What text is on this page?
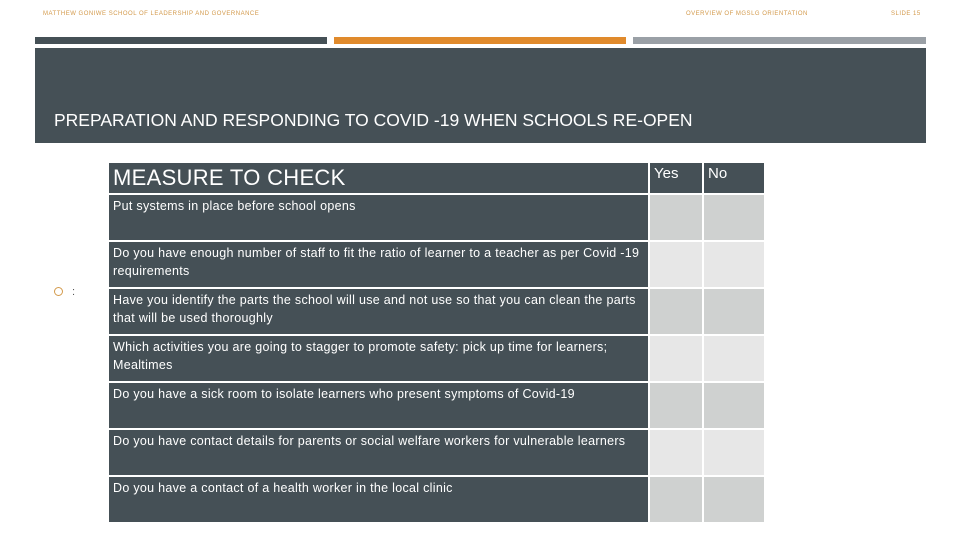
MATTHEW GONIWE SCHOOL OF LEADERSHIP AND GOVERNANCE	OVERVIEW OF MGSLG ORIENTATION	SLIDE 15
PREPARATION AND RESPONDING TO COVID -19 WHEN SCHOOLS RE-OPEN
:
MEASURE TO CHECK	Yes	No
Put systems in place before school opens		
Do you have enough number of staff to fit the ratio of learner to a teacher as per Covid -19 requirements		
Have you identify the parts the school will use and not use so that you can clean the parts that will be used thoroughly		
Which activities you are going to stagger to promote safety: pick up time for learners; Mealtimes		
Do you have a sick room to isolate learners who present symptoms of Covid-19		
Do you have contact details for parents or social welfare workers for vulnerable learners		
Do you have a contact of a health worker in the local clinic		
